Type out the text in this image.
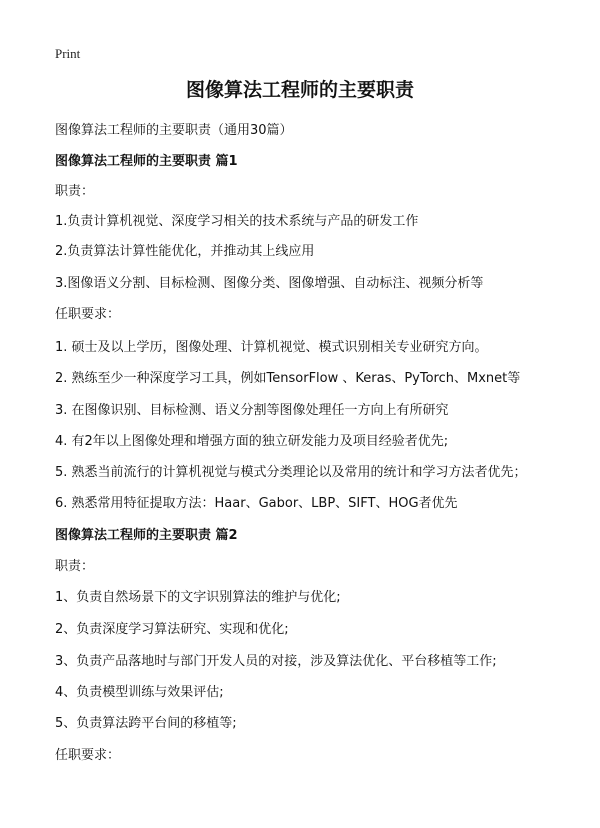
Print
图像算法工程师的主要职责
图像算法工程师的主要职责（通用30篇）
图像算法工程师的主要职责 篇1
职责：
1.负责计算机视觉、深度学习相关的技术系统与产品的研发工作
2.负责算法计算性能优化，并推动其上线应用
3.图像语义分割、目标检测、图像分类、图像增强、自动标注、视频分析等
任职要求：
1. 硕士及以上学历，图像处理、计算机视觉、模式识别相关专业研究方向。
2. 熟练至少一种深度学习工具，例如TensorFlow 、Keras、PyTorch、Mxnet等
3. 在图像识别、目标检测、语义分割等图像处理任一方向上有所研究
4. 有2年以上图像处理和增强方面的独立研发能力及项目经验者优先;
5. 熟悉当前流行的计算机视觉与模式分类理论以及常用的统计和学习方法者优先；
6. 熟悉常用特征提取方法：Haar、Gabor、LBP、SIFT、HOG者优先
图像算法工程师的主要职责 篇2
职责：
1、负责自然场景下的文字识别算法的维护与优化;
2、负责深度学习算法研究、实现和优化;
3、负责产品落地时与部门开发人员的对接，涉及算法优化、平台移植等工作;
4、负责模型训练与效果评估;
5、负责算法跨平台间的移植等;
任职要求：
